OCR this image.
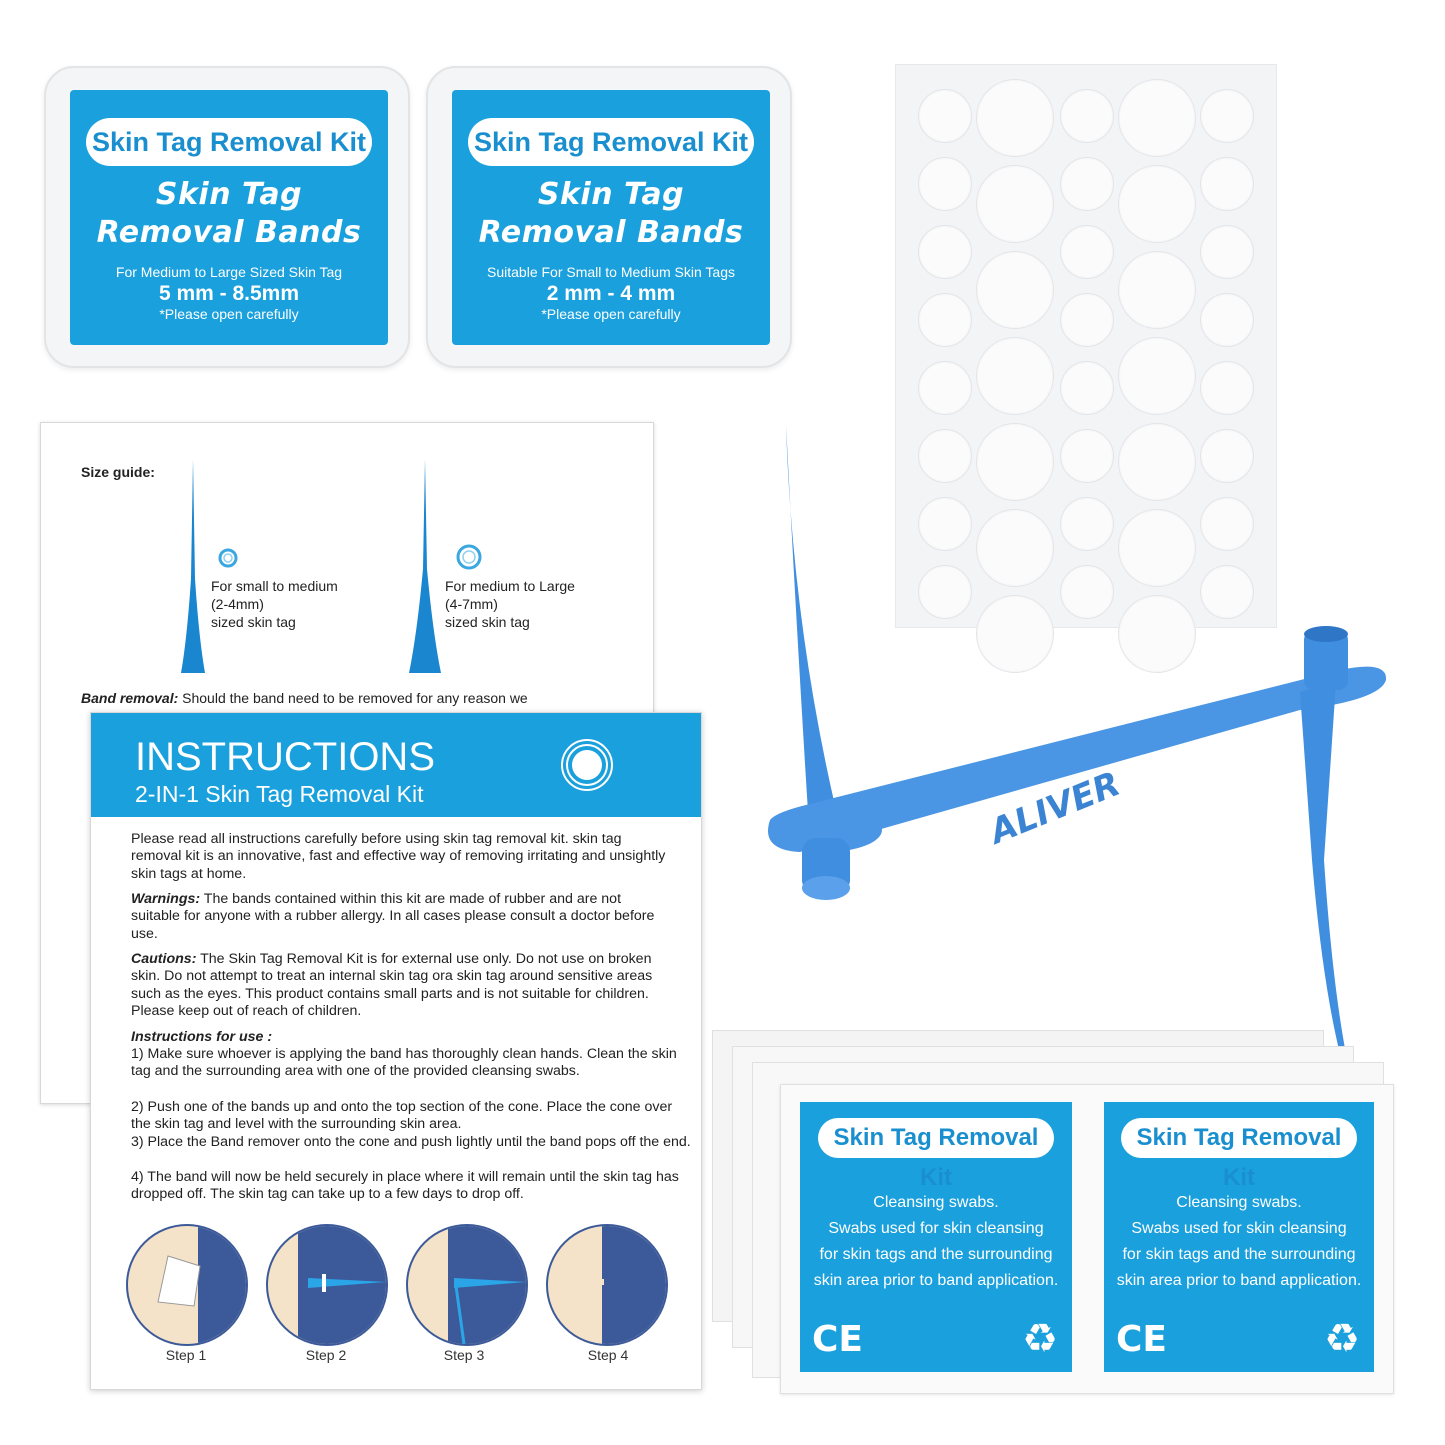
Skin Tag Removal Kit
Skin Tag
Removal Bands
For Medium to Large Sized Skin Tag
5 mm - 8.5mm
*Please open carefully
Skin Tag Removal Kit
Skin Tag
Removal Bands
Suitable For Small to Medium Skin Tags
2 mm - 4 mm
*Please open carefully
Size guide:
For small to medium
(2-4mm)
sized skin tag
For medium to Large
(4-7mm)
sized skin tag
Band removal: Should the band need to be removed for any reason we
INSTRUCTIONS
2-IN-1 Skin Tag Removal Kit
Please read all instructions carefully before using skin tag removal kit. skin tag removal kit is an innovative, fast and effective way of removing irritating and unsightly skin tags at home.
Warnings: The bands contained within this kit are made of rubber and are not suitable for anyone with a rubber allergy. In all cases please consult a doctor before use.
Cautions: The Skin Tag Removal Kit is for external use only. Do not use on broken skin. Do not attempt to treat an internal skin tag ora skin tag around sensitive areas such as the eyes. This product contains small parts and is not suitable for children. Please keep out of reach of children.
Instructions for use :
1) Make sure whoever is applying the band has thoroughly clean hands. Clean the skin tag and the surrounding area with one of the provided cleansing swabs.
2) Push one of the bands up and onto the top section of the cone. Place the cone over the skin tag and level with the surrounding skin area.
3) Place the Band remover onto the cone and push lightly until the band pops off the end.
4) The band will now be held securely in place where it will remain until the skin tag has dropped off. The skin tag can take up to a few days to drop off.
Step 1	Step 2	Step 3	Step 4
ALIVER
Skin Tag Removal Kit
Cleansing swabs.
Swabs used for skin cleansing
for skin tags and the surrounding
skin area prior to band application.
CE	♻
Skin Tag Removal Kit
Cleansing swabs.
Swabs used for skin cleansing
for skin tags and the surrounding
skin area prior to band application.
CE	♻
